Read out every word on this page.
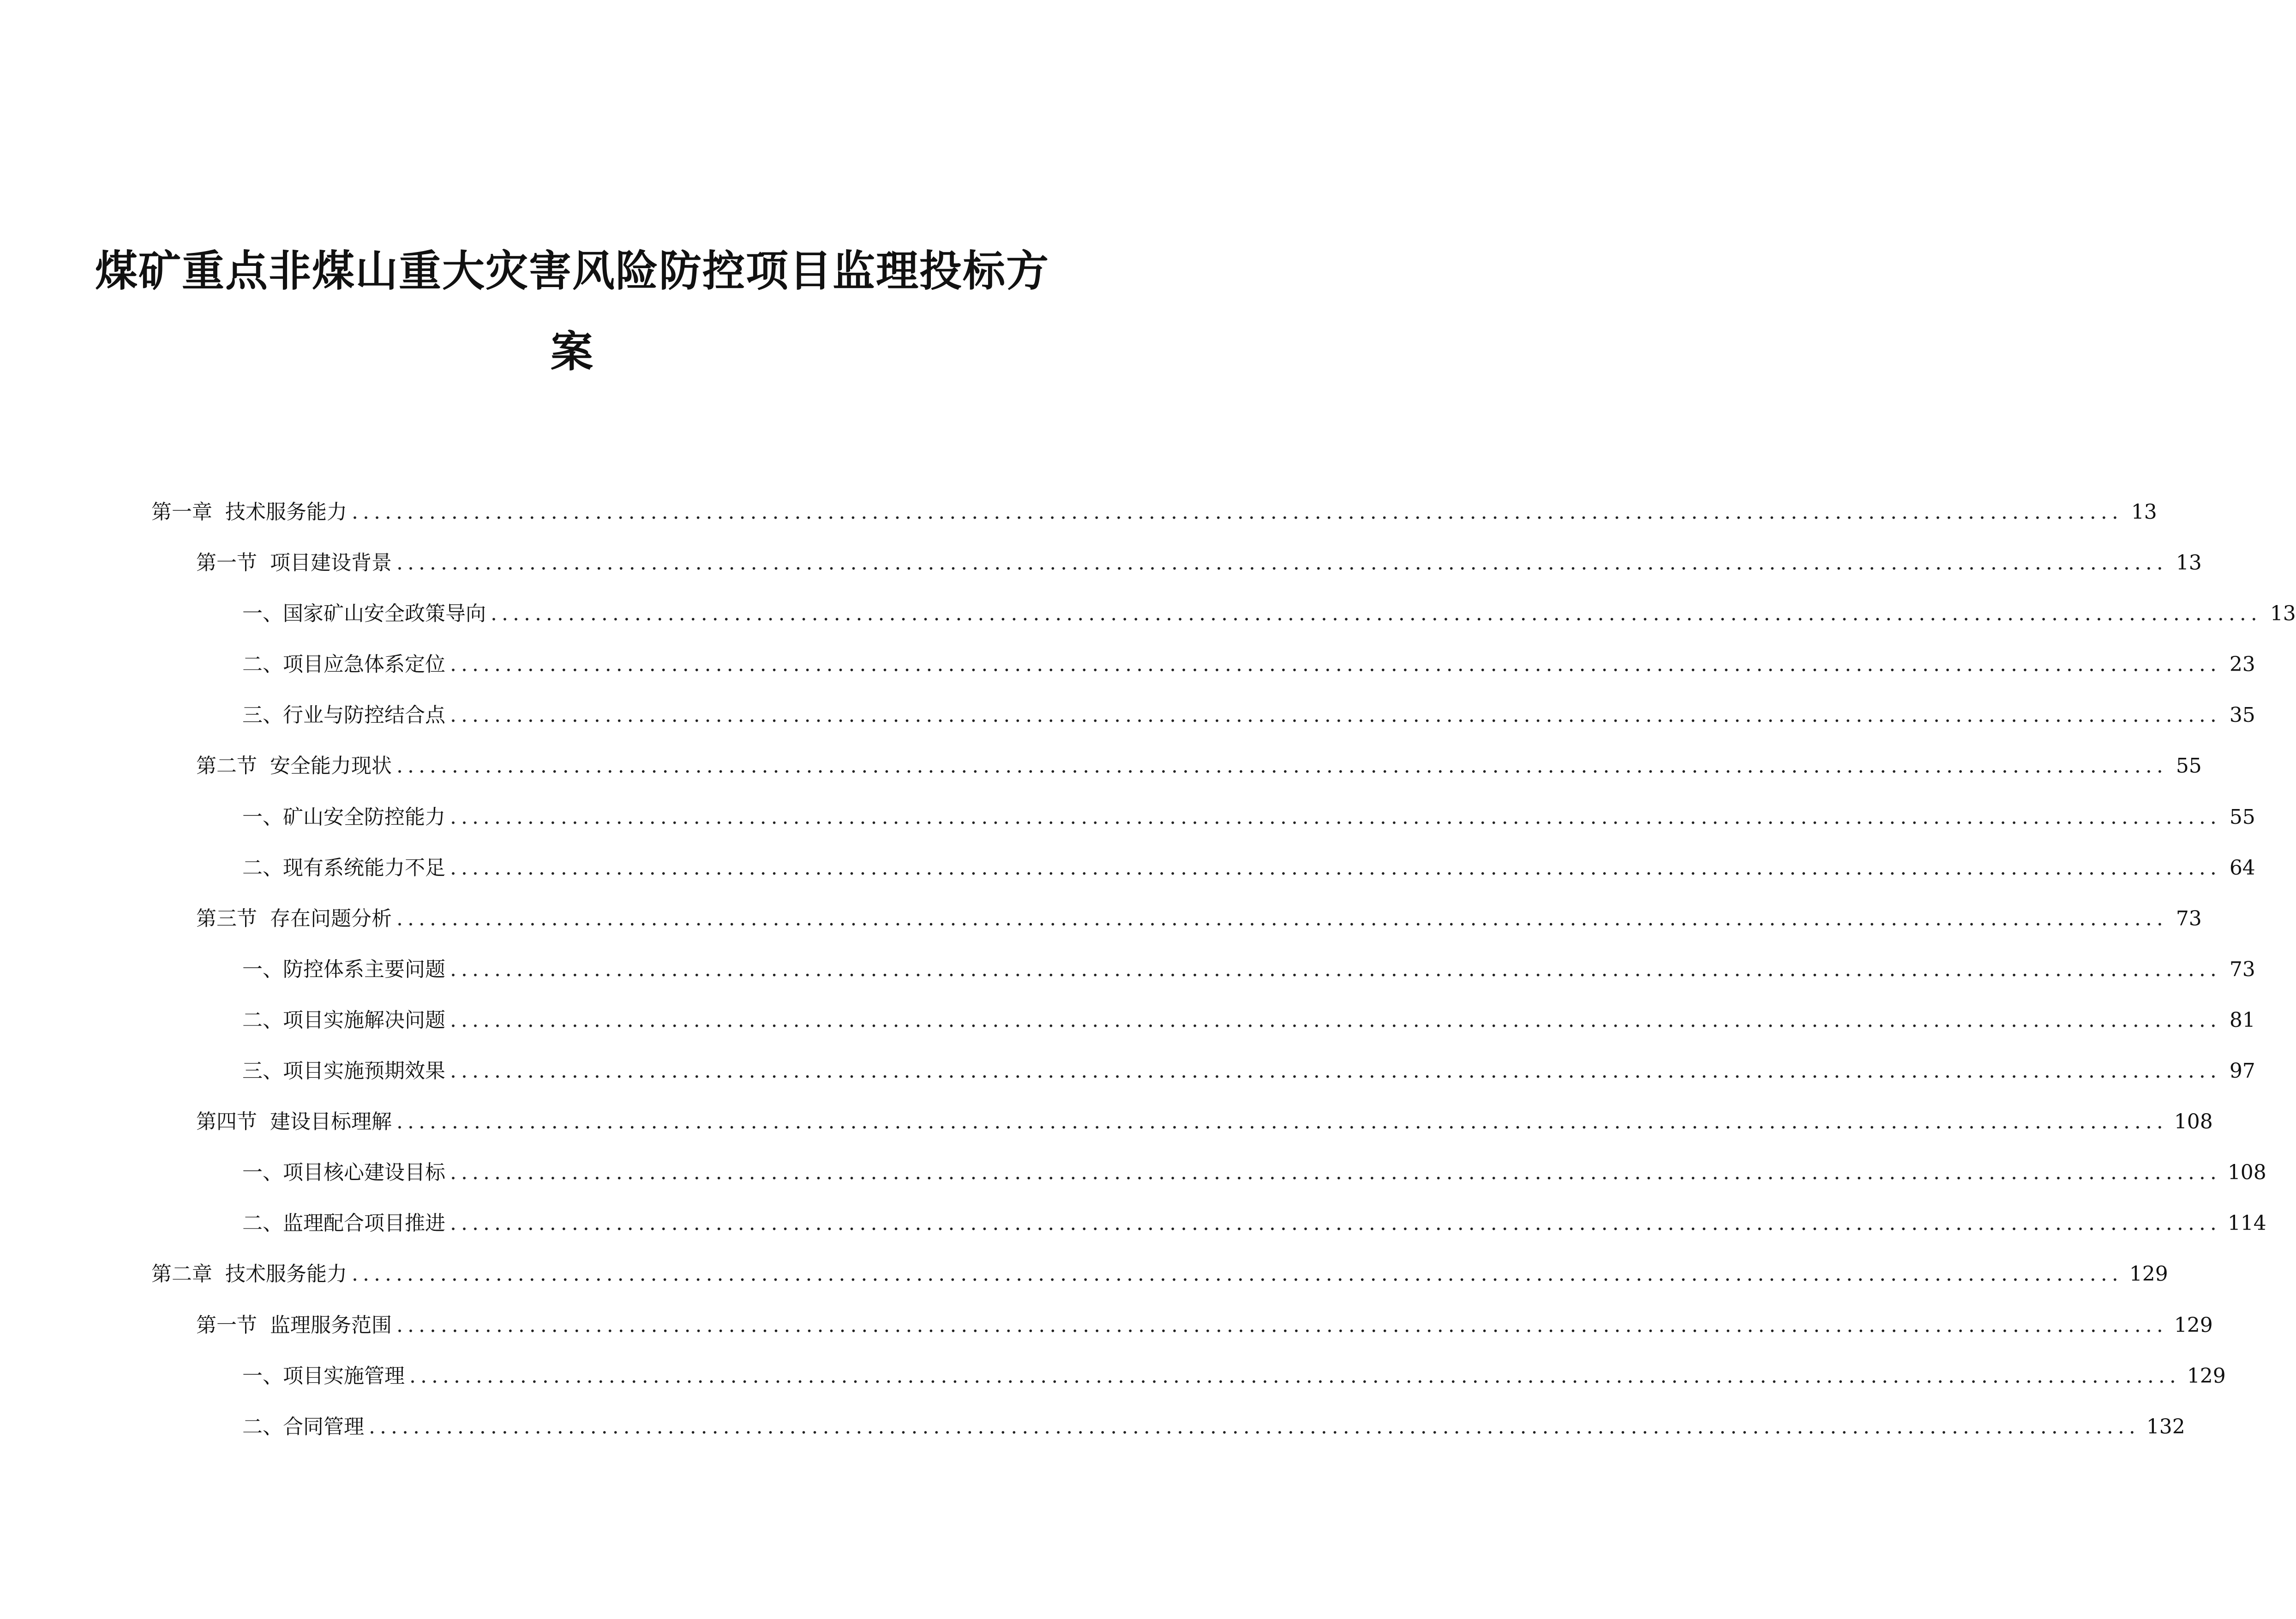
煤矿重点非煤山重大灾害风险防控项目监理投标方
案
第一章 技术服务能力 ................................................................................................................................................................ 13
第一节 项目建设背景 ................................................................................................................................................................ 13
一、 国家矿山安全政策导向 ................................................................................................................................................................ 13
二、 项目应急体系定位 ................................................................................................................................................................ 23
三、 行业与防控结合点 ................................................................................................................................................................ 35
第二节 安全能力现状 ................................................................................................................................................................ 55
一、 矿山安全防控能力 ................................................................................................................................................................ 55
二、 现有系统能力不足 ................................................................................................................................................................ 64
第三节 存在问题分析 ................................................................................................................................................................ 73
一、 防控体系主要问题 ................................................................................................................................................................ 73
二、 项目实施解决问题 ................................................................................................................................................................ 81
三、 项目实施预期效果 ................................................................................................................................................................ 97
第四节 建设目标理解 ................................................................................................................................................................ 108
一、 项目核心建设目标 ................................................................................................................................................................ 108
二、 监理配合项目推进 ................................................................................................................................................................ 114
第二章 技术服务能力 ................................................................................................................................................................ 129
第一节 监理服务范围 ................................................................................................................................................................ 129
一、 项目实施管理 ................................................................................................................................................................ 129
二、 合同管理 ................................................................................................................................................................ 132
